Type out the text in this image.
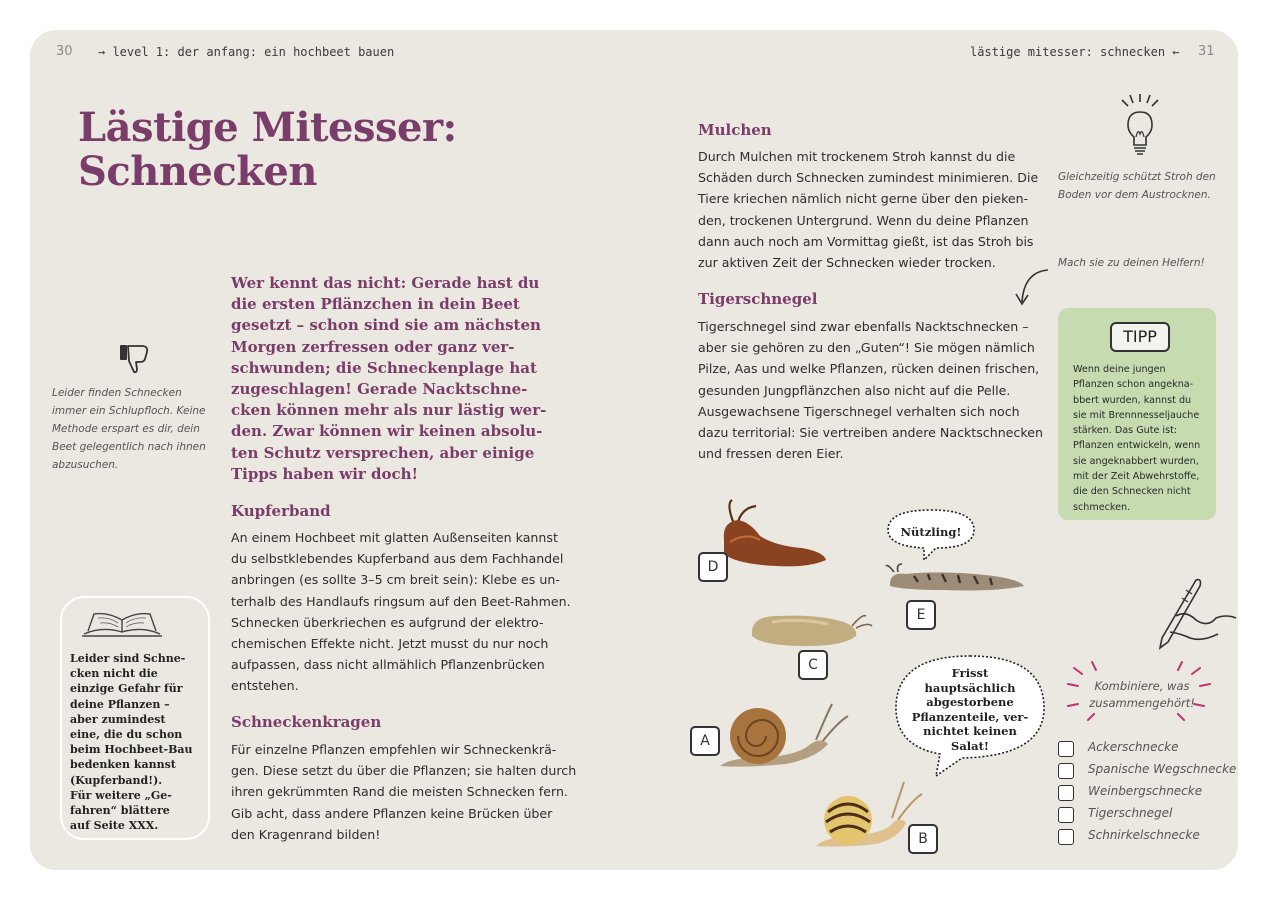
30 → level 1: der anfang: ein hochbeet bauen	lästige mitesser: schnecken ← 31
Lästige Mitesser:
Schnecken
Wer kennt das nicht: Gerade hast du
die ersten Pflänzchen in dein Beet
gesetzt – schon sind sie am nächsten
Morgen zerfressen oder ganz ver-
schwunden; die Schneckenplage hat
zugeschlagen! Gerade Nacktschne-
cken können mehr als nur lästig wer-
den. Zwar können wir keinen absolu-
ten Schutz versprechen, aber einige
Tipps haben wir doch!
Leider finden Schnecken
immer ein Schlupfloch. Keine
Methode erspart es dir, dein
Beet gelegentlich nach ihnen
abzusuchen.
Leider sind Schne-
cken nicht die
einzige Gefahr für
deine Pflanzen –
aber zumindest
eine, die du schon
beim Hochbeet-Bau
bedenken kannst
(Kupferband!).
Für weitere „Ge-
fahren“ blättere
auf Seite XXX.
Kupferband
An einem Hochbeet mit glatten Außenseiten kannst
du selbstklebendes Kupferband aus dem Fachhandel
anbringen (es sollte 3–5 cm breit sein): Klebe es un-
terhalb des Handlaufs ringsum auf den Beet-Rahmen.
Schnecken überkriechen es aufgrund der elektro-
chemischen Effekte nicht. Jetzt musst du nur noch
aufpassen, dass nicht allmählich Pflanzenbrücken
entstehen.
Schneckenkragen
Für einzelne Pflanzen empfehlen wir Schneckenkrä-
gen. Diese setzt du über die Pflanzen; sie halten durch
ihren gekrümmten Rand die meisten Schnecken fern.
Gib acht, dass andere Pflanzen keine Brücken über
den Kragenrand bilden!
Mulchen
Durch Mulchen mit trockenem Stroh kannst du die
Schäden durch Schnecken zumindest minimieren. Die
Tiere kriechen nämlich nicht gerne über den pieken-
den, trockenen Untergrund. Wenn du deine Pflanzen
dann auch noch am Vormittag gießt, ist das Stroh bis
zur aktiven Zeit der Schnecken wieder trocken.
Tigerschnegel
Tigerschnegel sind zwar ebenfalls Nacktschnecken –
aber sie gehören zu den „Guten“! Sie mögen nämlich
Pilze, Aas und welke Pflanzen, rücken deinen frischen,
gesunden Jungpflänzchen also nicht auf die Pelle.
Ausgewachsene Tigerschnegel verhalten sich noch
dazu territorial: Sie vertreiben andere Nacktschnecken
und fressen deren Eier.
Gleichzeitig schützt Stroh den
Boden vor dem Austrocknen.
Mach sie zu deinen Helfern!
TIPP
Wenn deine jungen
Pflanzen schon angekna-
bbert wurden, kannst du
sie mit Brennnesseljauche
stärken. Das Gute ist:
Pflanzen entwickeln, wenn
sie angeknabbert wurden,
mit der Zeit Abwehrstoffe,
die den Schnecken nicht
schmecken.
D
Nützling!
E
C	Frisst
hauptsächlich
abgestorbene
Pflanzenteile, ver-
nichtet keinen
Salat!
A
B
Kombiniere, was
zusammengehört!
Ackerschnecke
Spanische Wegschnecke
Weinbergschnecke
Tigerschnegel
Schnirkelschnecke
